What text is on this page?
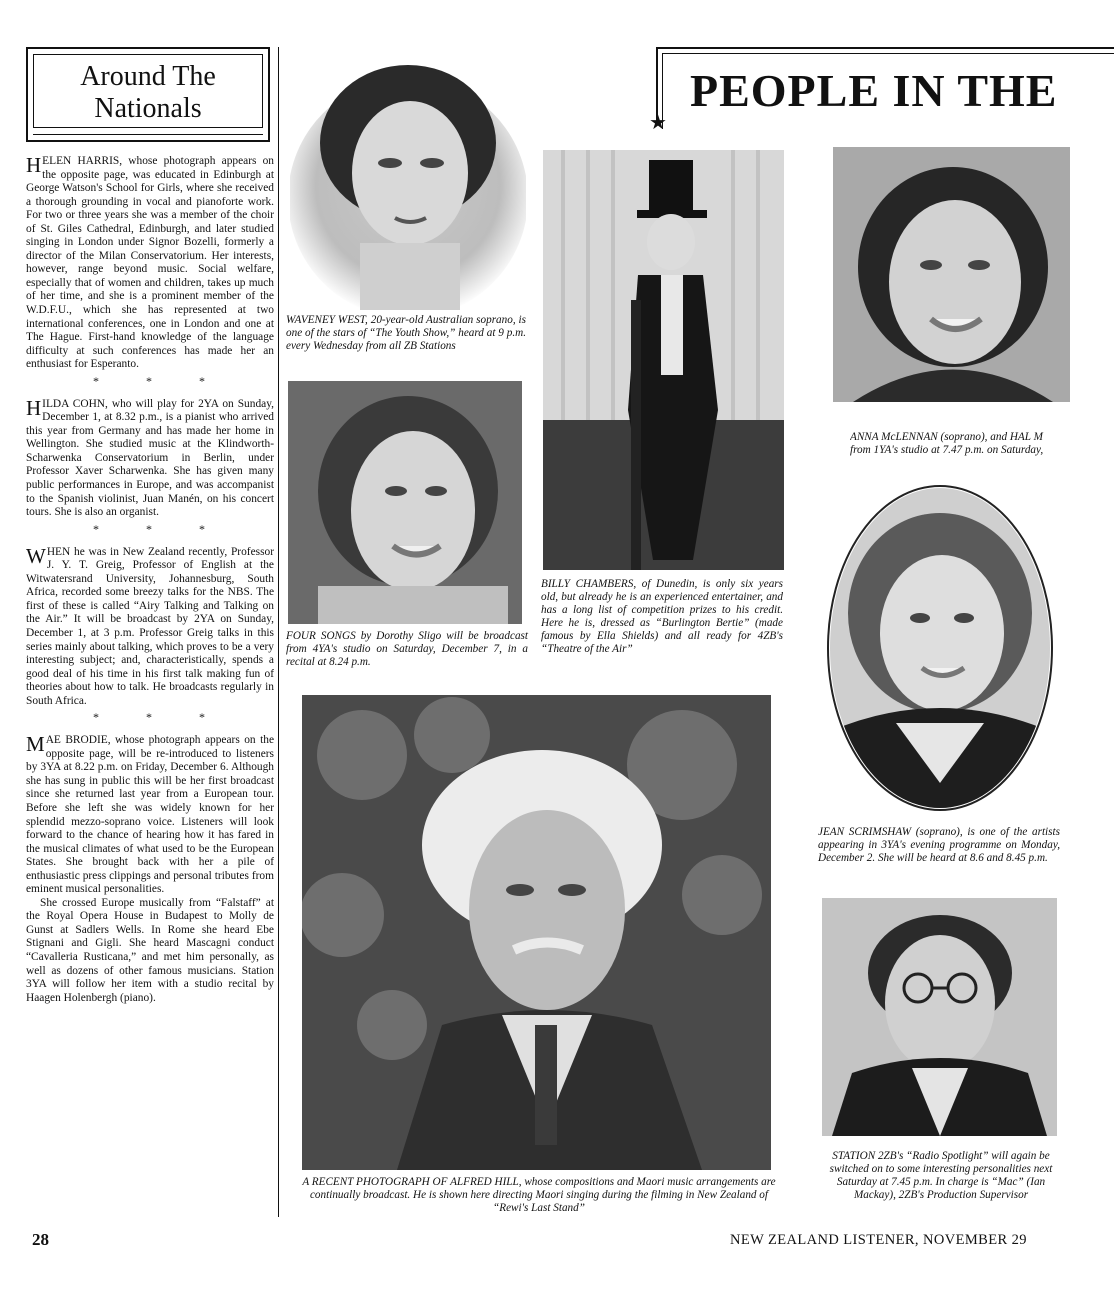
Around The
Nationals

HELEN HARRIS, whose photograph appears on the opposite page, was educated in Edinburgh at George Watson's School for Girls, where she received a thorough grounding in vocal and pianoforte work. For two or three years she was a member of the choir of St. Giles Cathedral, Edinburgh, and later studied singing in London under Signor Bozelli, formerly a director of the Milan Conservatorium. Her interests, however, range beyond music. Social welfare, especially that of women and children, takes up much of her time, and she is a prominent member of the W.D.F.U., which she has represented at two international conferences, one in London and one at The Hague. First-hand knowledge of the language difficulty at such conferences has made her an enthusiast for Esperanto.

* * *

HILDA COHN, who will play for 2YA on Sunday, December 1, at 8.32 p.m., is a pianist who arrived this year from Germany and has made her home in Wellington. She studied music at the Klindworth-Scharwenka Conservatorium in Berlin, under Professor Xaver Scharwenka. She has given many public performances in Europe, and was accompanist to the Spanish violinist, Juan Manén, on his concert tours. She is also an organist.

* * *

WHEN he was in New Zealand recently, Professor J. Y. T. Greig, Professor of English at the Witwatersrand University, Johannesburg, South Africa, recorded some breezy talks for the NBS. The first of these is called “Airy Talking and Talking on the Air.” It will be broadcast by 2YA on Sunday, December 1, at 3 p.m. Professor Greig talks in this series mainly about talking, which proves to be a very interesting subject; and, characteristically, spends a good deal of his time in his first talk making fun of theories about how to talk. He broadcasts regularly in South Africa.

* * *

MAE BRODIE, whose photograph appears on the opposite page, will be re-introduced to listeners by 3YA at 8.22 p.m. on Friday, December 6. Although she has sung in public this will be her first broadcast since she returned last year from a European tour. Before she left she was widely known for her splendid mezzo-soprano voice. Listeners will look forward to the chance of hearing how it has fared in the musical climates of what used to be the European States. She brought back with her a pile of enthusiastic press clippings and personal tributes from eminent musical personalities.

She crossed Europe musically from “Falstaff” at the Royal Opera House in Budapest to Molly de Gunst at Sadlers Wells. In Rome she heard Ebe Stignani and Gigli. She heard Mascagni conduct “Cavalleria Rusticana,” and met him personally, as well as dozens of other famous musicians. Station 3YA will follow her item with a studio recital by Haagen Holenbergh (piano).

PEOPLE IN THE
★
WAVENEY WEST, 20-year-old Australian soprano, is one of the stars of “The Youth Show,” heard at 9 p.m. every Wednesday from all ZB Stations
FOUR SONGS by Dorothy Sligo will be broadcast from 4YA's studio on Saturday, December 7, in a recital at 8.24 p.m.
BILLY CHAMBERS, of Dunedin, is only six years old, but already he is an experienced entertainer, and has a long list of competition prizes to his credit. Here he is, dressed as “Burlington Bertie” (made famous by Ella Shields) and all ready for 4ZB's “Theatre of the Air”
ANNA McLENNAN (soprano), and HAL M
from 1YA's studio at 7.47 p.m. on Saturday,
JEAN SCRIMSHAW (soprano), is one of the artists appearing in 3YA's evening programme on Monday, December 2. She will be heard at 8.6 and 8.45 p.m.
A RECENT PHOTOGRAPH OF ALFRED HILL, whose compositions and Maori music arrangements are continually broadcast. He is shown here directing Maori singing during the filming in New Zealand of “Rewi's Last Stand”
STATION 2ZB's “Radio Spotlight” will again be switched on to some interesting personalities next Saturday at 7.45 p.m. In charge is “Mac” (Ian Mackay), 2ZB's Production Supervisor
28	NEW ZEALAND LISTENER, NOVEMBER 29
